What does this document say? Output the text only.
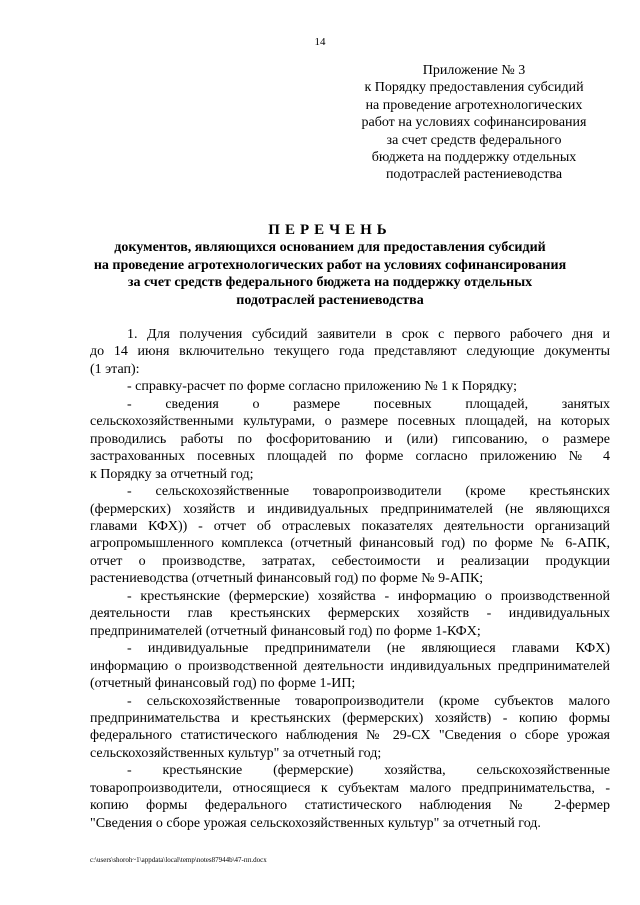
14
Приложение № 3
к Порядку предоставления субсидий
на проведение агротехнологических
работ на условиях софинансирования
за счет средств федерального
бюджета на поддержку отдельных
подотраслей растениеводства
ПЕРЕЧЕНЬ
документов, являющихся основанием для предоставления субсидий
на проведение агротехнологических работ на условиях софинансирования
за счет средств федерального бюджета на поддержку отдельных
подотраслей растениеводства
1. Для получения субсидий заявители в срок с первого рабочего дня и
до 14 июня включительно текущего года представляют следующие документы
(1 этап):
- справку-расчет по форме согласно приложению № 1 к Порядку;
- сведения о размере посевных площадей, занятых
сельскохозяйственными культурами, о размере посевных площадей, на которых
проводились работы по фосфоритованию и (или) гипсованию, о размере
застрахованных посевных площадей по форме согласно приложению № 4
к Порядку за отчетный год;
- сельскохозяйственные товаропроизводители (кроме крестьянских
(фермерских) хозяйств и индивидуальных предпринимателей (не являющихся
главами КФХ)) - отчет об отраслевых показателях деятельности организаций
агропромышленного комплекса (отчетный финансовый год) по форме № 6-АПК,
отчет о производстве, затратах, себестоимости и реализации продукции
растениеводства (отчетный финансовый год) по форме № 9-АПК;
- крестьянские (фермерские) хозяйства - информацию о производственной
деятельности глав крестьянских фермерских хозяйств - индивидуальных
предпринимателей (отчетный финансовый год) по форме 1-КФХ;
- индивидуальные предприниматели (не являющиеся главами КФХ)
информацию о производственной деятельности индивидуальных предпринимателей
(отчетный финансовый год) по форме 1-ИП;
- сельскохозяйственные товаропроизводители (кроме субъектов малого
предпринимательства и крестьянских (фермерских) хозяйств) - копию формы
федерального статистического наблюдения № 29-СХ "Сведения о сборе урожая
сельскохозяйственных культур" за отчетный год;
- крестьянские (фермерские) хозяйства, сельскохозяйственные
товаропроизводители, относящиеся к субъектам малого предпринимательства, -
копию формы федерального статистического наблюдения № 2-фермер
"Сведения о сборе урожая сельскохозяйственных культур" за отчетный год.
c:\users\shoroh~1\appdata\local\temp\notes87944b\47-пп.docx
